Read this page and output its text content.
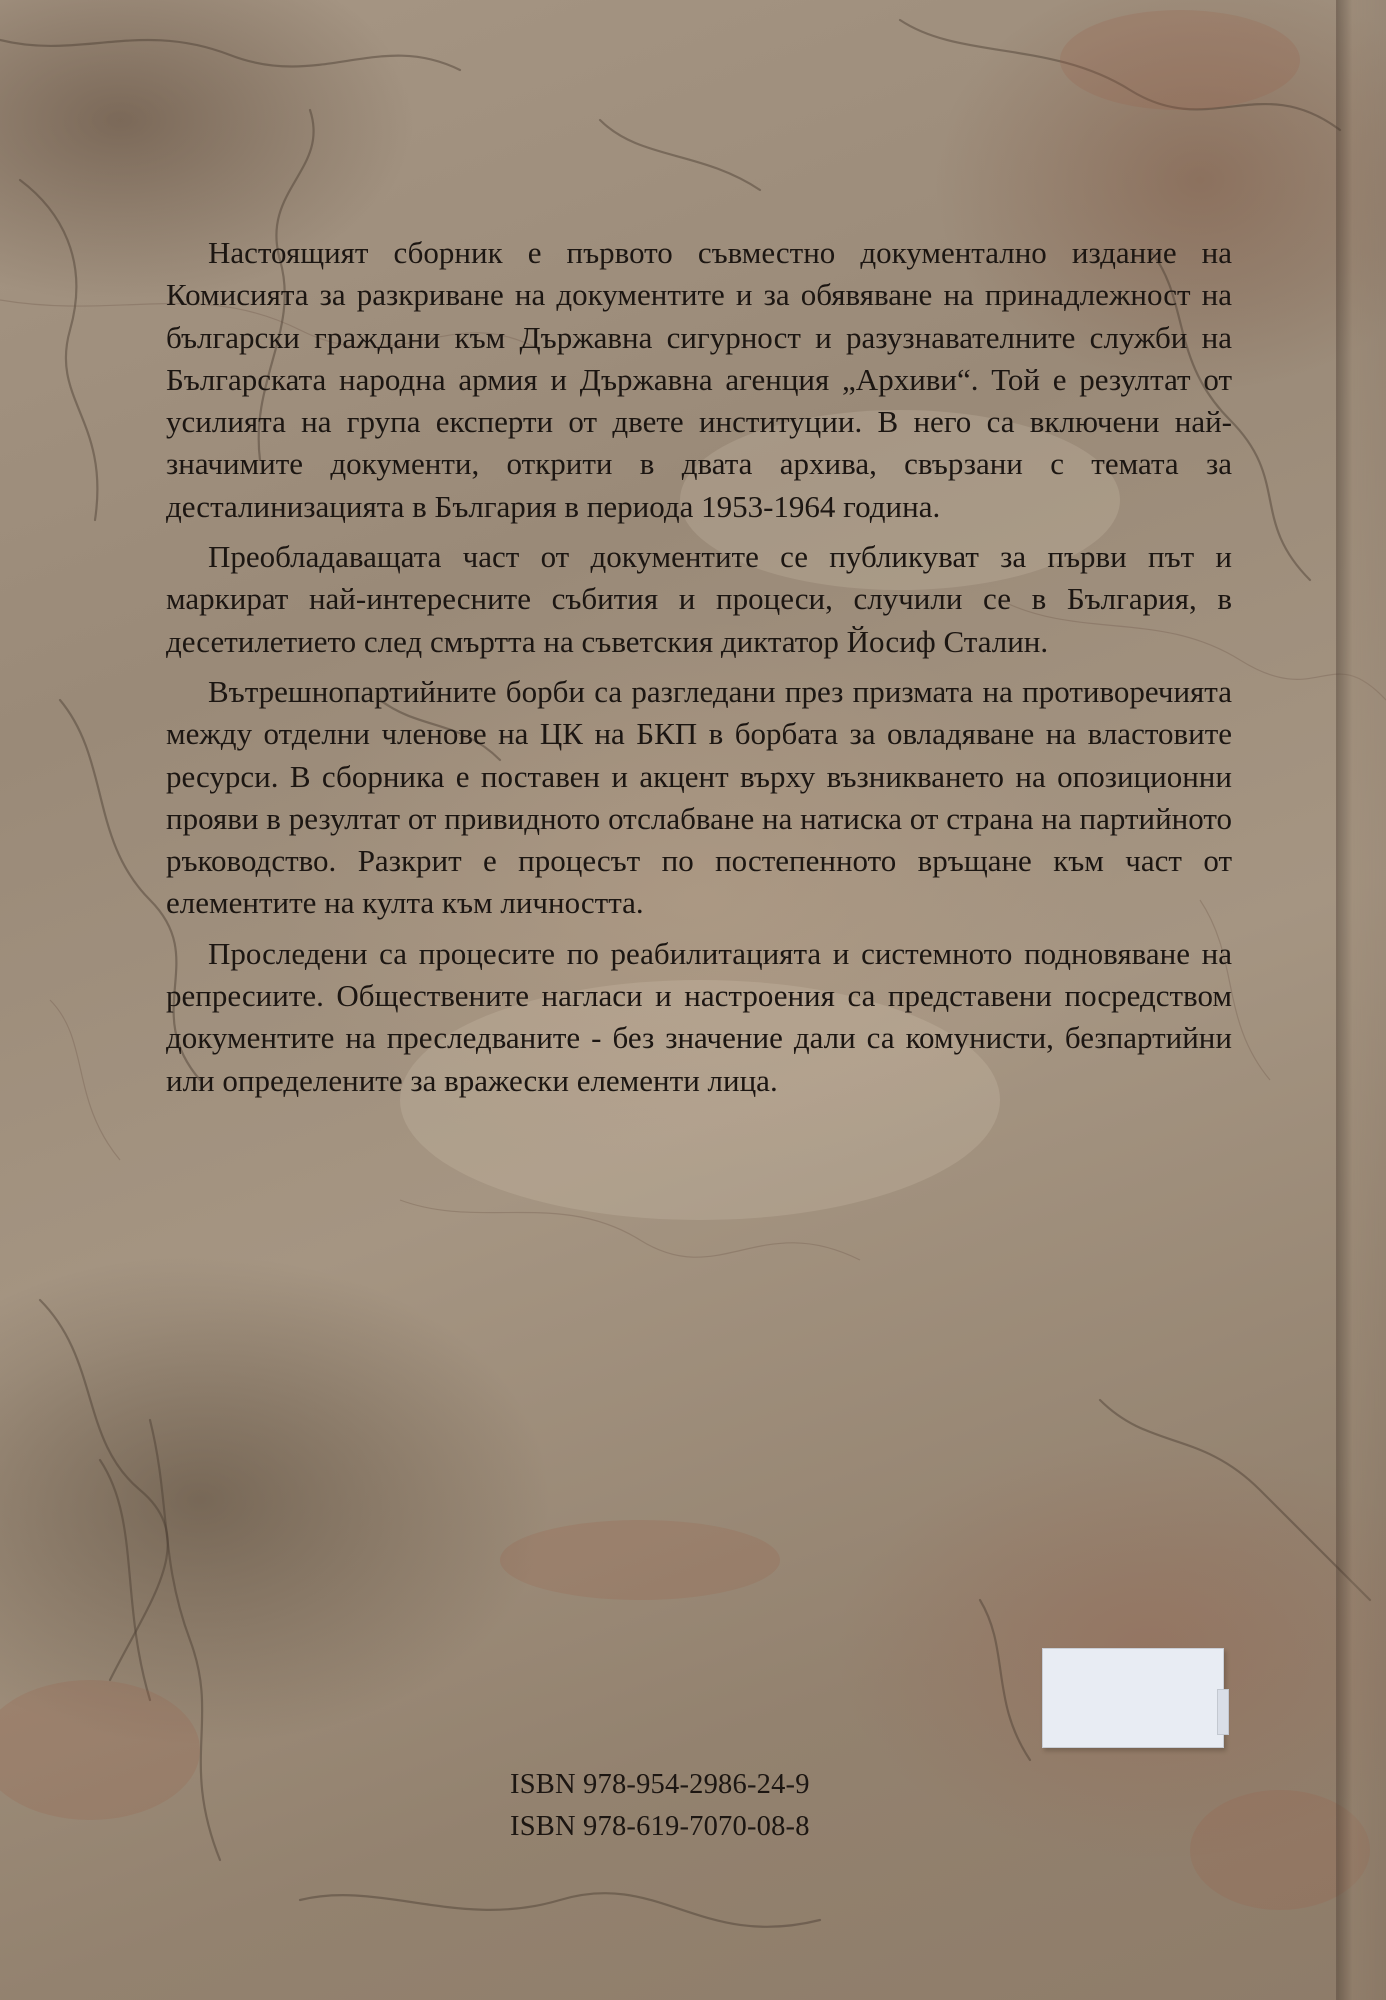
Настоящият сборник е първото съвместно документално издание на Комисията за разкриване на документите и за обявяване на принадлежност на български граждани към Държавна сигурност и разузнавателните служби на Българската народна армия и Държавна агенция „Архиви“. Той е резултат от усилията на група експерти от двете институции. В него са включени най-значимите документи, открити в двата архива, свързани с темата за десталинизацията в България в периода 1953-1964 година.

Преобладаващата част от документите се публикуват за първи път и маркират най-интересните събития и процеси, случили се в България, в десетилетието след смъртта на съветския диктатор Йосиф Сталин.

Вътрешнопартийните борби са разгледани през призмата на противоречията между отделни членове на ЦК на БКП в борбата за овладяване на властовите ресурси. В сборника е поставен и акцент върху възникването на опозиционни прояви в резултат от привидното отслабване на натиска от страна на партийното ръководство. Разкрит е процесът по постепенното връщане към част от елементите на култа към личността.

Проследени са процесите по реабилитацията и системното подновяване на репресиите. Обществените нагласи и настроения са представени посредством документите на преследваните - без значение дали са комунисти, безпартийни или определените за вражески елементи лица.

ISBN 978-954-2986-24-9
ISBN 978-619-7070-08-8
